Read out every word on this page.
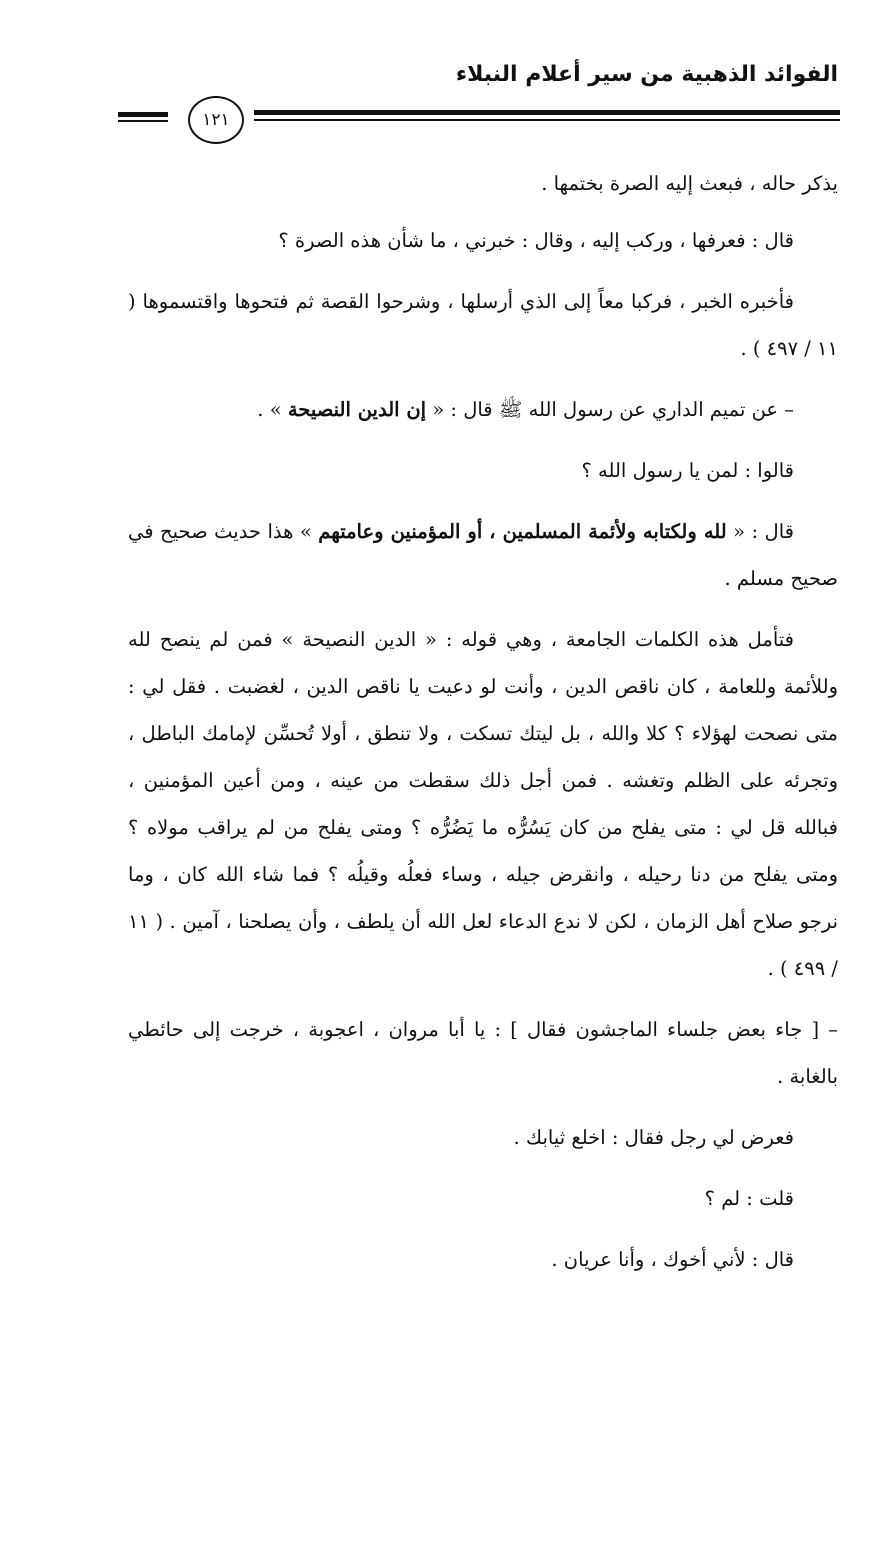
الفوائد الذهبية من سير أعلام النبلاء
١٢١

يذكر حاله ، فبعث إليه الصرة بختمها .

قال : فعرفها ، وركب إليه ، وقال : خبرني ، ما شأن هذه الصرة ؟

فأخبره الخبر ، فركبا معاً إلى الذي أرسلها ، وشرحوا القصة ثم فتحوها واقتسموها ( ١١ / ٤٩٧ ) .

– عن تميم الداري عن رسول الله ﷺ قال : « إن الدين النصيحة » .

قالوا : لمن يا رسول الله ؟

قال : « لله ولكتابه ولأئمة المسلمين ، أو المؤمنين وعامتهم » هذا حديث صحيح في صحيح مسلم .

فتأمل هذه الكلمات الجامعة ، وهي قوله : « الدين النصيحة » فمن لم ينصح لله وللأئمة وللعامة ، كان ناقص الدين ، وأنت لو دعيت يا ناقص الدين ، لغضبت . فقل لي : متى نصحت لهؤلاء ؟ كلا والله ، بل ليتك تسكت ، ولا تنطق ، أولا تُحسِّن لإمامك الباطل ، وتجرئه على الظلم وتغشه . فمن أجل ذلك سقطت من عينه ، ومن أعين المؤمنين ، فبالله قل لي : متى يفلح من كان يَسُرُّه ما يَضُرُّه ؟ ومتى يفلح من لم يراقب مولاه ؟ ومتى يفلح من دنا رحيله ، وانقرض جيله ، وساء فعلُه وقيلُه ؟ فما شاء الله كان ، وما نرجو صلاح أهل الزمان ، لكن لا ندع الدعاء لعل الله أن يلطف ، وأن يصلحنا ، آمين . ( ١١ / ٤٩٩ ) .

– [ جاء بعض جلساء الماجشون فقال ] : يا أبا مروان ، اعجوبة ، خرجت إلى حائطي بالغابة .

فعرض لي رجل فقال : اخلع ثيابك .

قلت : لم ؟

قال : لأني أخوك ، وأنا عريان .
